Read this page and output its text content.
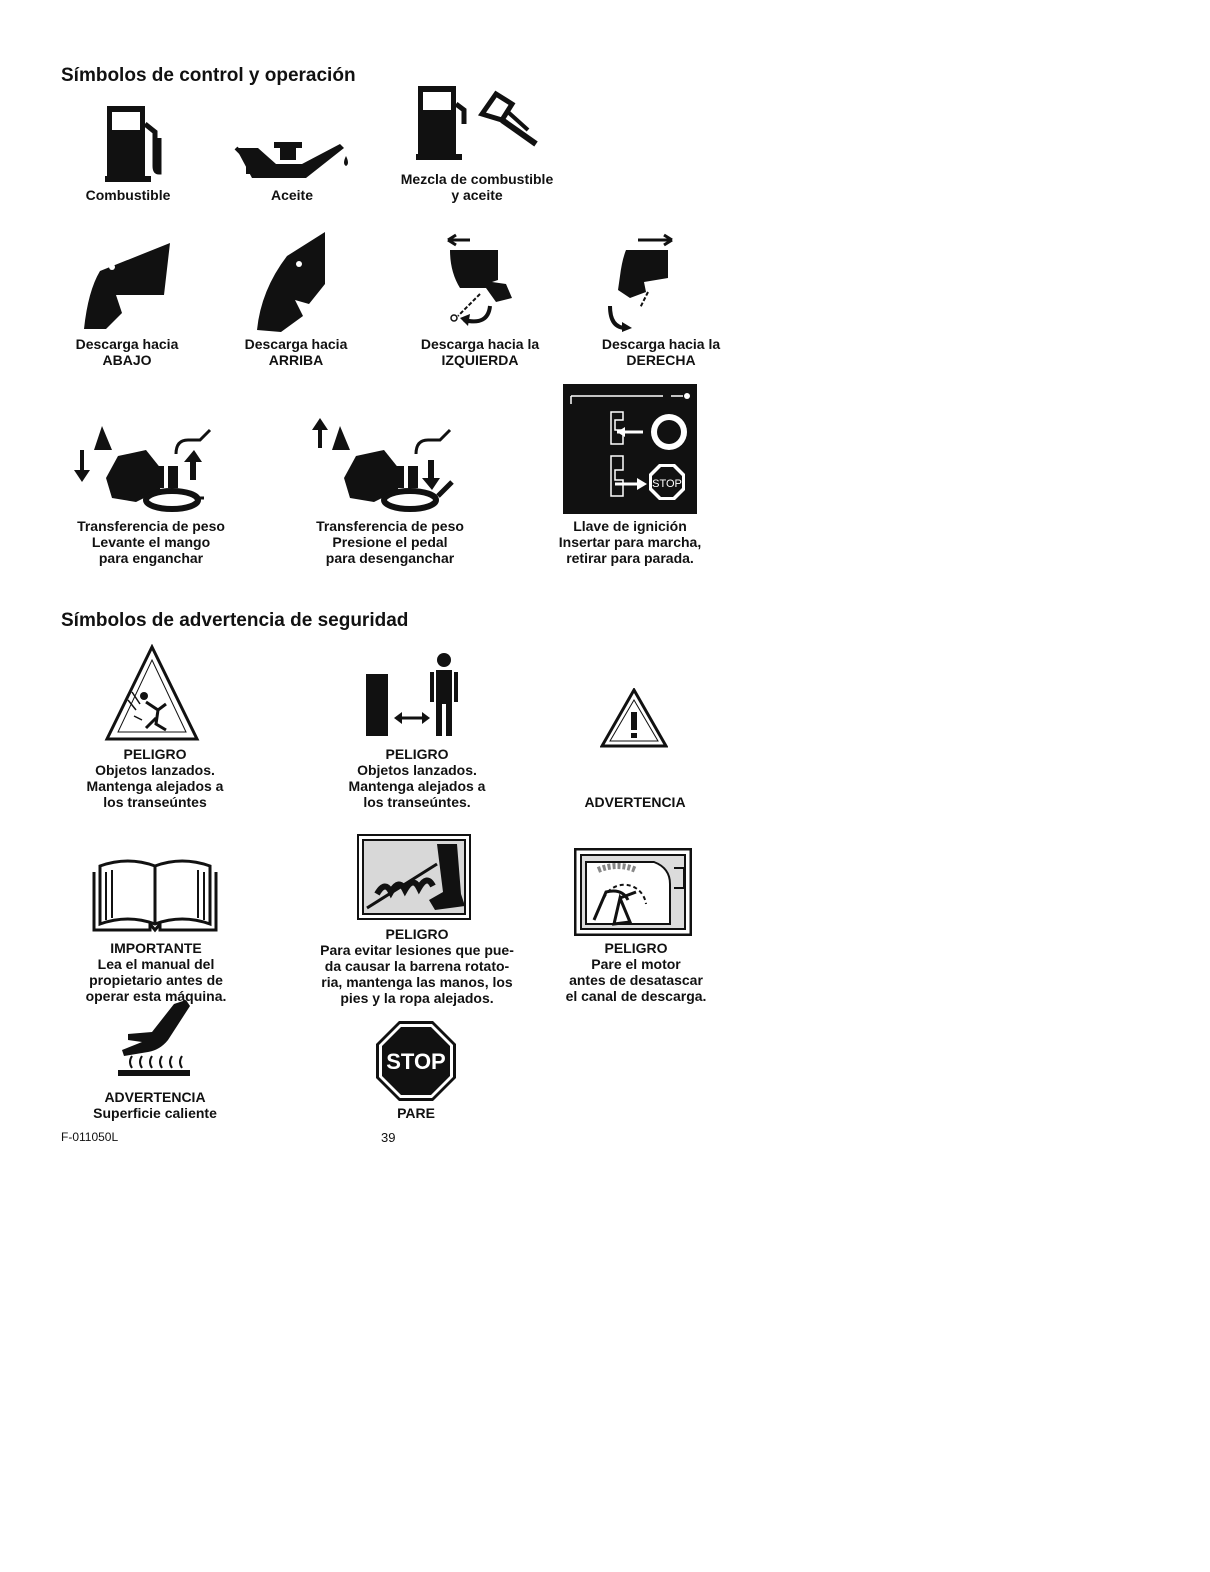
Símbolos de control y operación
Símbolos de advertencia de seguridad
Combustible	Aceite
Mezcla de combustible
y aceite
Descarga hacia
ABAJO
Descarga hacia
ARRIBA
Descarga hacia la
IZQUIERDA
Descarga hacia la
DERECHA
Transferencia de peso
Levante el mango
para enganchar
Transferencia de peso
Presione el pedal
para desenganchar
STOP
Llave de ignición
Insertar para marcha,
retirar para parada.
PELIGRO
Objetos lanzados.
Mantenga alejados a
los transeúntes
PELIGRO
Objetos lanzados.
Mantenga alejados a
los transeúntes.	ADVERTENCIA
IMPORTANTE
Lea el manual del
propietario antes de
operar esta máquina.
PELIGRO
Para evitar lesiones que pue-
da causar la barrena rotato-
ria, mantenga las manos, los
pies y la ropa alejados.
PELIGRO
Pare el motor
antes de desatascar
el canal de descarga.
ADVERTENCIA
Superficie caliente
STOP
PARE
F-011050L	39
